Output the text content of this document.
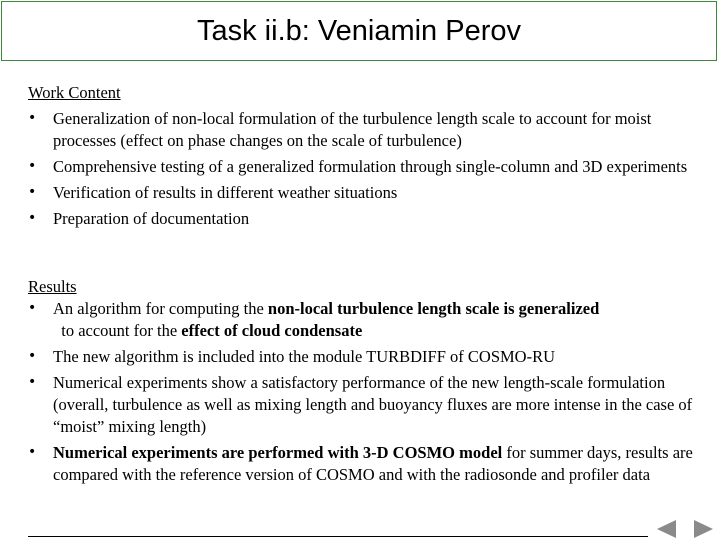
Task ii.b: Veniamin Perov
Work Content
• Generalization of non-local formulation of the turbulence length scale to account for moist processes (effect on phase changes on the scale of turbulence)
• Comprehensive testing of a generalized formulation through single-column and 3D experiments
• Verification of results in different weather situations
• Preparation of documentation
Results
• An algorithm for computing the non-local turbulence length scale is generalized  to account for the effect of cloud condensate
• The new algorithm is included into the module TURBDIFF of COSMO-RU
• Numerical experiments show a satisfactory performance of the new length-scale formulation (overall, turbulence as well as mixing length and buoyancy fluxes are more intense in the case of “moist” mixing length)
• Numerical experiments are performed with 3-D COSMO model for summer days, results are compared with the reference version of COSMO and with the radiosonde and profiler data
